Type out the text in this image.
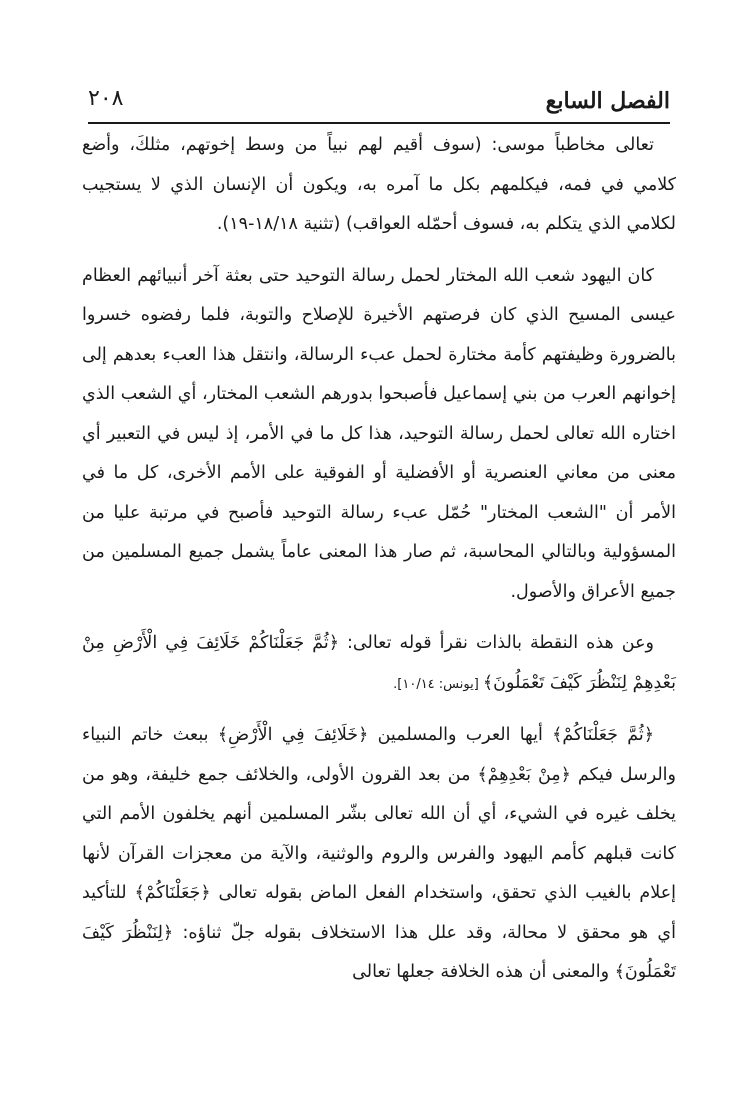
الفصل السابع
٢٠٨

تعالى مخاطباً موسى: (سوف أقيم لهم نبياً من وسط إخوتهم، مثلكَ، وأضع كلامي في فمه، فيكلمهم بكل ما آمره به، ويكون أن الإنسان الذي لا يستجيب لكلامي الذي يتكلم به، فسوف أحمّله العواقب) (تثنية ١٨/١٨-١٩).

كان اليهود شعب الله المختار لحمل رسالة التوحيد حتى بعثة آخر أنبيائهم العظام عيسى المسيح الذي كان فرصتهم الأخيرة للإصلاح والتوبة، فلما رفضوه خسروا بالضرورة وظيفتهم كأمة مختارة لحمل عبء الرسالة، وانتقل هذا العبء بعدهم إلى إخوانهم العرب من بني إسماعيل فأصبحوا بدورهم الشعب المختار، أي الشعب الذي اختاره الله تعالى لحمل رسالة التوحيد، هذا كل ما في الأمر، إذ ليس في التعبير أي معنى من معاني العنصرية أو الأفضلية أو الفوقية على الأمم الأخرى، كل ما في الأمر أن "الشعب المختار" حُمّل عبء رسالة التوحيد فأصبح في مرتبة عليا من المسؤولية وبالتالي المحاسبة، ثم صار هذا المعنى عاماً يشمل جميع المسلمين من جميع الأعراق والأصول.

وعن هذه النقطة بالذات نقرأ قوله تعالى: ﴿ثُمَّ جَعَلْنَاكُمْ خَلَائِفَ فِي الْأَرْضِ مِنْ بَعْدِهِمْ لِنَنْظُرَ كَيْفَ تَعْمَلُونَ﴾ [يونس: ١٠/١٤].

﴿ثُمَّ جَعَلْنَاكُمْ﴾ أيها العرب والمسلمين ﴿خَلَائِفَ فِي الْأَرْضِ﴾ ببعث خاتم النبياء والرسل فيكم ﴿مِنْ بَعْدِهِمْ﴾ من بعد القرون الأولى، والخلائف جمع خليفة، وهو من يخلف غيره في الشيء، أي أن الله تعالى بشّر المسلمين أنهم يخلفون الأمم التي كانت قبلهم كأمم اليهود والفرس والروم والوثنية، والآية من معجزات القرآن لأنها إعلام بالغيب الذي تحقق، واستخدام الفعل الماض بقوله تعالى ﴿جَعَلْنَاكُمْ﴾ للتأكيد أي هو محقق لا محالة، وقد علل هذا الاستخلاف بقوله جلّ ثناؤه: ﴿لِنَنْظُرَ كَيْفَ تَعْمَلُونَ﴾ والمعنى أن هذه الخلافة جعلها تعالى
